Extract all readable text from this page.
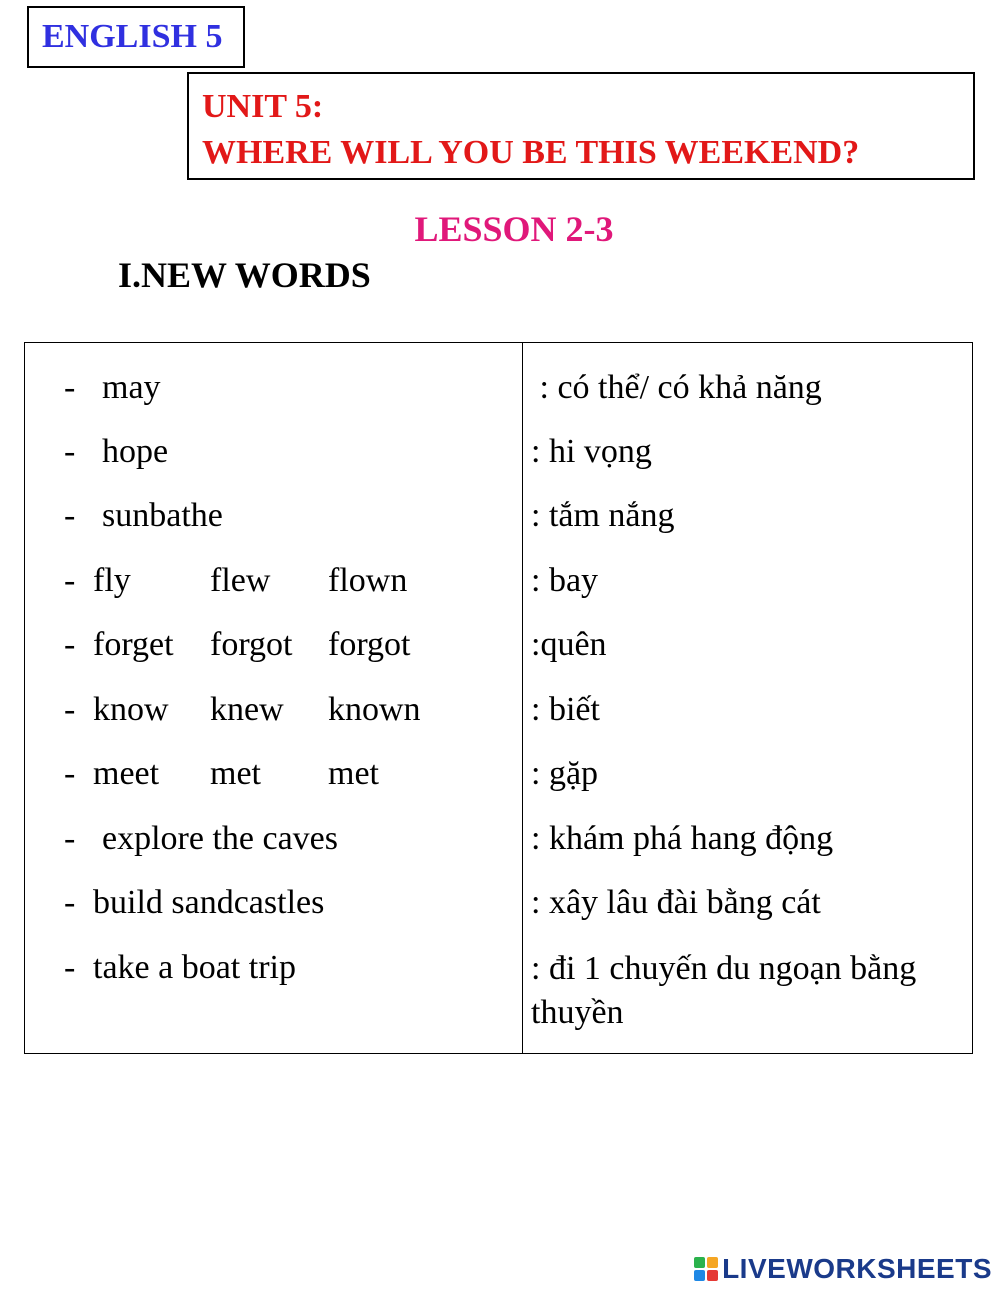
ENGLISH 5
UNIT 5:
WHERE WILL YOU BE THIS WEEKEND?
LESSON 2-3
I.NEW WORDS
- may	: có thể/ có khả năng
- hope	: hi vọng
- sunbathe	: tắm nắng
- fly flew flown	: bay
- forget forgot forgot	:quên
- know knew known	: biết
- meet met met	: gặp
- explore the caves	: khám phá hang động
- build sandcastles	: xây lâu đài bằng cát
- take a boat trip	: đi 1 chuyến du ngoạn bằng thuyền
LIVEWORKSHEETS
